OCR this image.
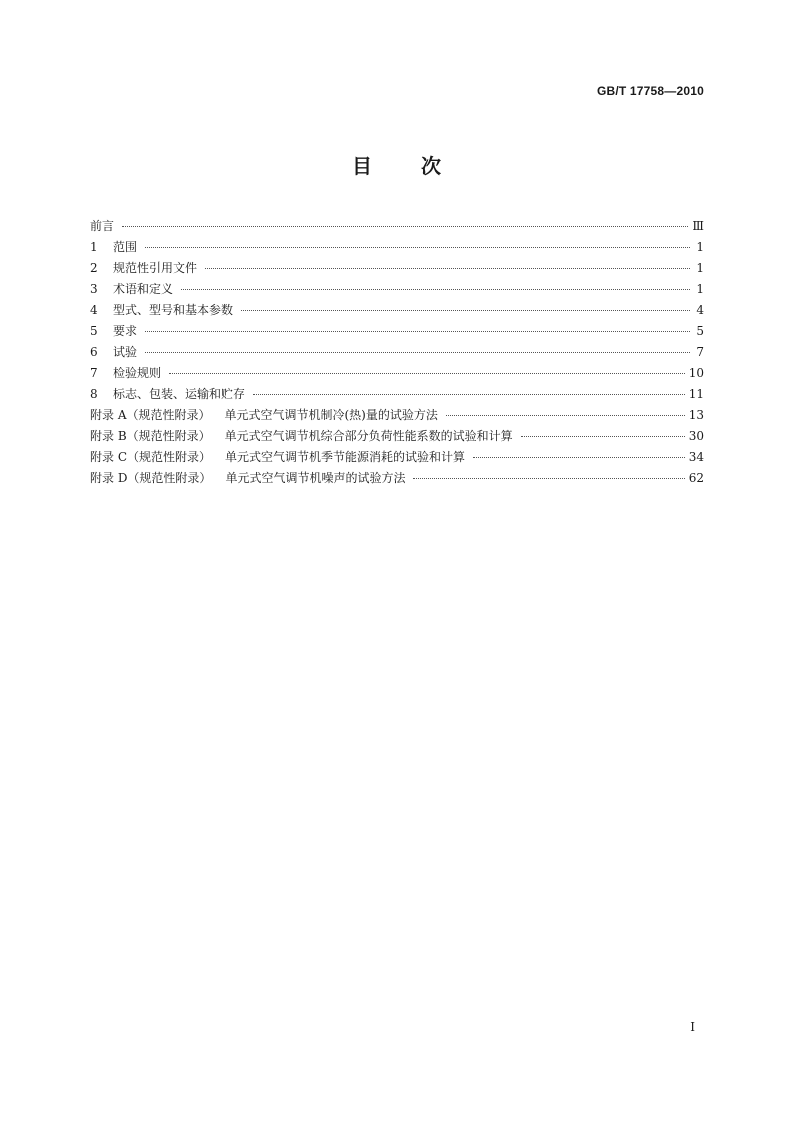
GB/T 17758—2010
目 次
前言	Ⅲ
1	范围	1
2	规范性引用文件	1
3	术语和定义	1
4	型式、型号和基本参数	4
5	要求	5
6	试验	7
7	检验规则	10
8	标志、包装、运输和贮存	11
附录 A（规范性附录） 单元式空气调节机制冷(热)量的试验方法	13
附录 B（规范性附录） 单元式空气调节机综合部分负荷性能系数的试验和计算	30
附录 C（规范性附录） 单元式空气调节机季节能源消耗的试验和计算	34
附录 D（规范性附录） 单元式空气调节机噪声的试验方法	62
I
